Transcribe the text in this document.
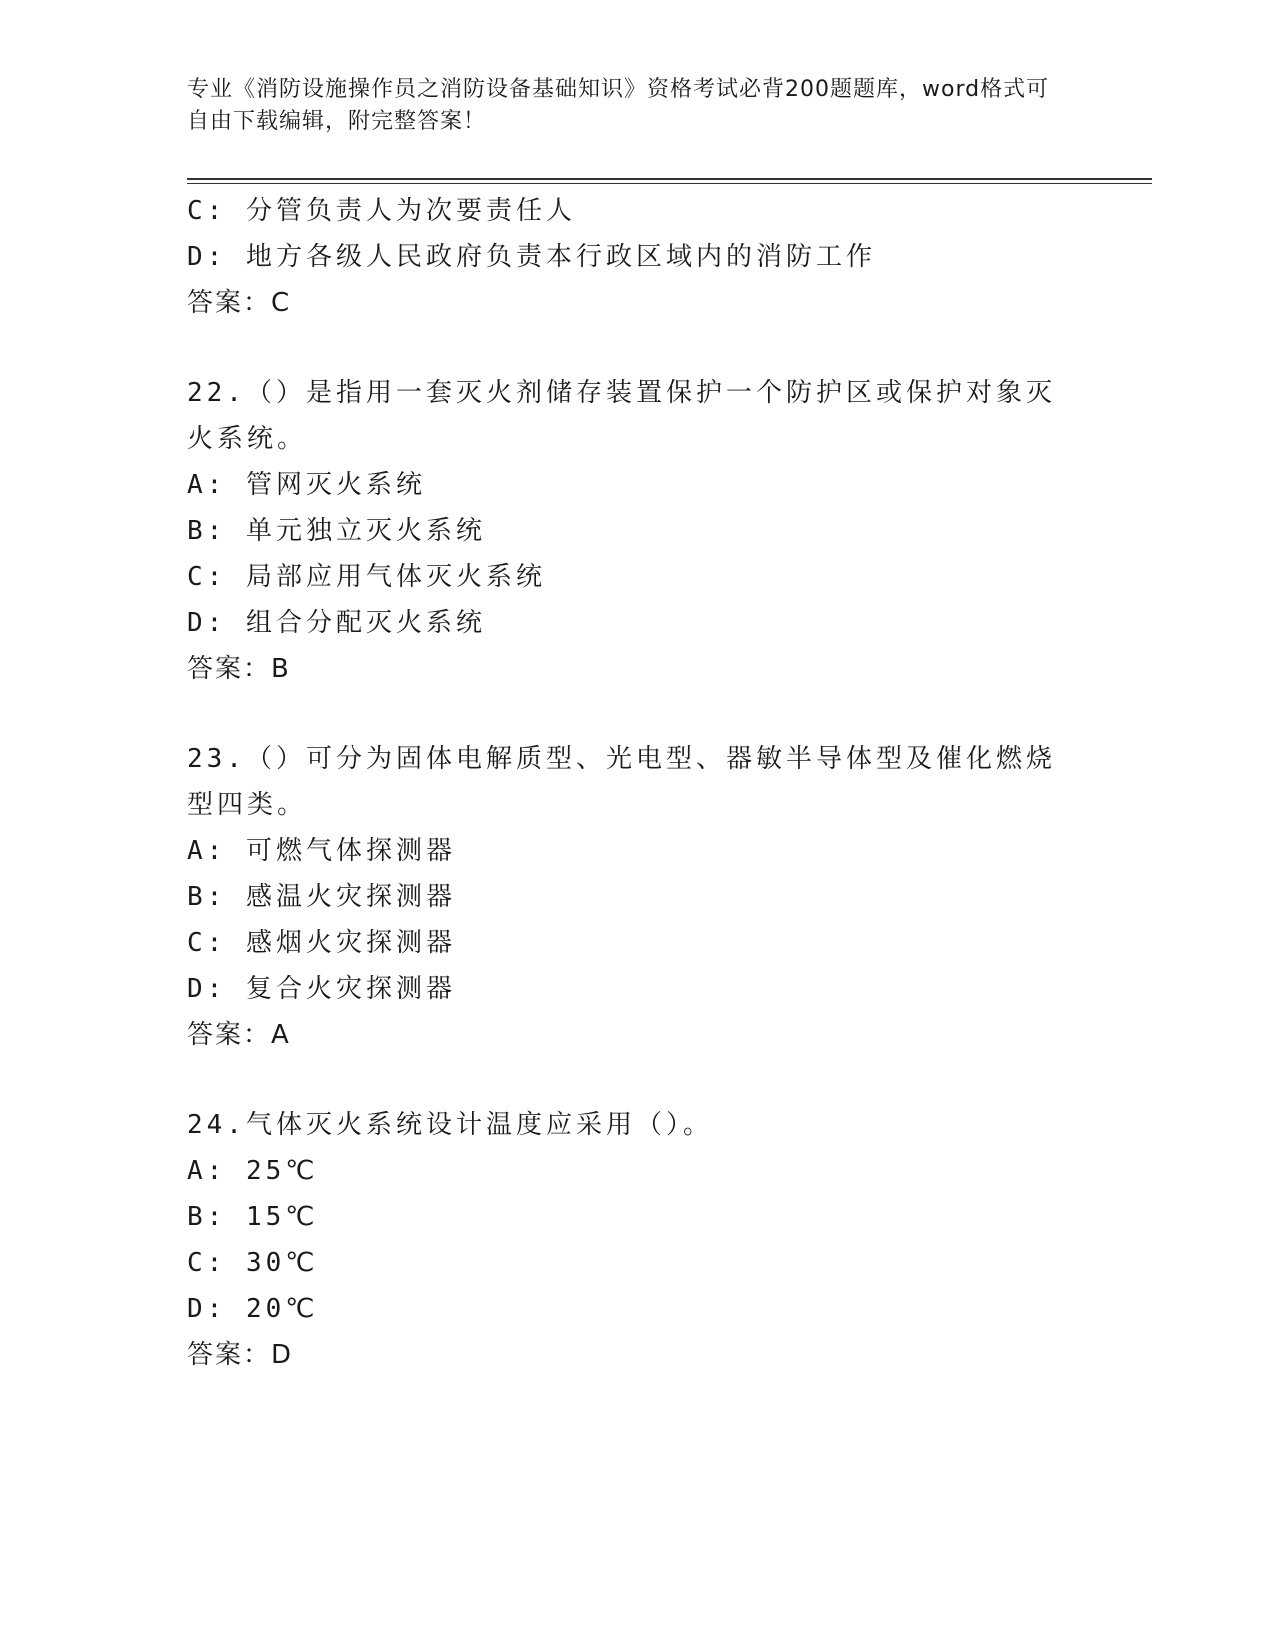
专业《消防设施操作员之消防设备基础知识》资格考试必背200题题库，word格式可自由下载编辑，附完整答案！
C: 分管负责人为次要责任人
D: 地方各级人民政府负责本行政区域内的消防工作
答案：C
22.（）是指用一套灭火剂储存装置保护一个防护区或保护对象灭火系统。
A: 管网灭火系统
B: 单元独立灭火系统
C: 局部应用气体灭火系统
D: 组合分配灭火系统
答案：B
23.（）可分为固体电解质型、光电型、器敏半导体型及催化燃烧型四类。
A: 可燃气体探测器
B: 感温火灾探测器
C: 感烟火灾探测器
D: 复合火灾探测器
答案：A
24.气体灭火系统设计温度应采用（）。
A: 25℃
B: 15℃
C: 30℃
D: 20℃
答案：D
